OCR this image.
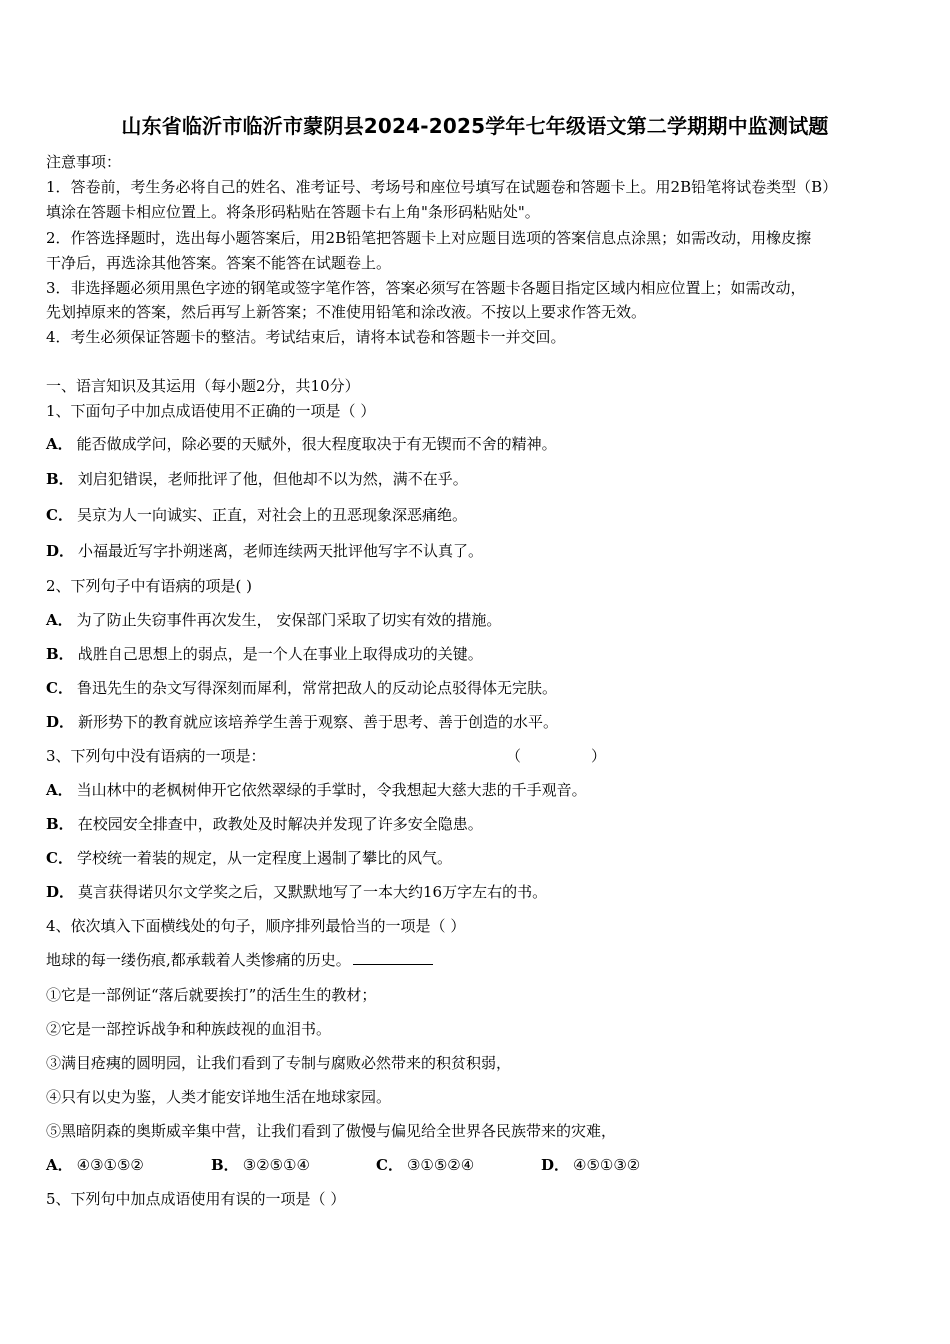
山东省临沂市临沂市蒙阴县2024-2025学年七年级语文第二学期期中监测试题
注意事项：
1．答卷前，考生务必将自己的姓名、准考证号、考场号和座位号填写在试题卷和答题卡上。用2B铅笔将试卷类型（B）
填涂在答题卡相应位置上。将条形码粘贴在答题卡右上角"条形码粘贴处"。
2．作答选择题时，选出每小题答案后，用2B铅笔把答题卡上对应题目选项的答案信息点涂黑；如需改动，用橡皮擦
干净后，再选涂其他答案。答案不能答在试题卷上。
3．非选择题必须用黑色字迹的钢笔或签字笔作答，答案必须写在答题卡各题目指定区域内相应位置上；如需改动，
先划掉原来的答案，然后再写上新答案；不准使用铅笔和涂改液。不按以上要求作答无效。
4．考生必须保证答题卡的整洁。考试结束后，请将本试卷和答题卡一并交回。
一、语言知识及其运用（每小题2分，共10分）
1、下面句子中加点成语使用不正确的一项是（ ）
A． 能否做成学问，除必要的天赋外，很大程度取决于有无锲而不舍的精神。
B． 刘启犯错误，老师批评了他，但他却不以为然，满不在乎。
C． 吴京为人一向诚实、正直，对社会上的丑恶现象深恶痛绝。
D． 小福最近写字扑朔迷离，老师连续两天批评他写字不认真了。
2、下列句子中有语病的项是( )
A． 为了防止失窃事件再次发生， 安保部门采取了切实有效的措施。
B． 战胜自己思想上的弱点，是一个人在事业上取得成功的关键。
C． 鲁迅先生的杂文写得深刻而犀利，常常把敌人的反动论点驳得体无完肤。
D． 新形势下的教育就应该培养学生善于观察、善于思考、善于创造的水平。
3、下列句中没有语病的一项是：	（	）
A． 当山林中的老枫树伸开它依然翠绿的手掌时，令我想起大慈大悲的千手观音。
B． 在校园安全排查中，政教处及时解决并发现了许多安全隐患。
C． 学校统一着装的规定，从一定程度上遏制了攀比的风气。
D． 莫言获得诺贝尔文学奖之后，又默默地写了一本大约16万字左右的书。
4、依次填入下面横线处的句子，顺序排列最恰当的一项是（ ）
地球的每一缕伤痕,都承载着人类惨痛的历史。
①它是一部例证“落后就要挨打”的活生生的教材；
②它是一部控诉战争和种族歧视的血泪书。
③满目疮痍的圆明园，让我们看到了专制与腐败必然带来的积贫积弱，
④只有以史为鉴，人类才能安详地生活在地球家园。
⑤黑暗阴森的奥斯威辛集中营，让我们看到了傲慢与偏见给全世界各民族带来的灾难，
A． ④③①⑤②	B． ③②⑤①④	C． ③①⑤②④	D． ④⑤①③②
5、下列句中加点成语使用有误的一项是（ ）
